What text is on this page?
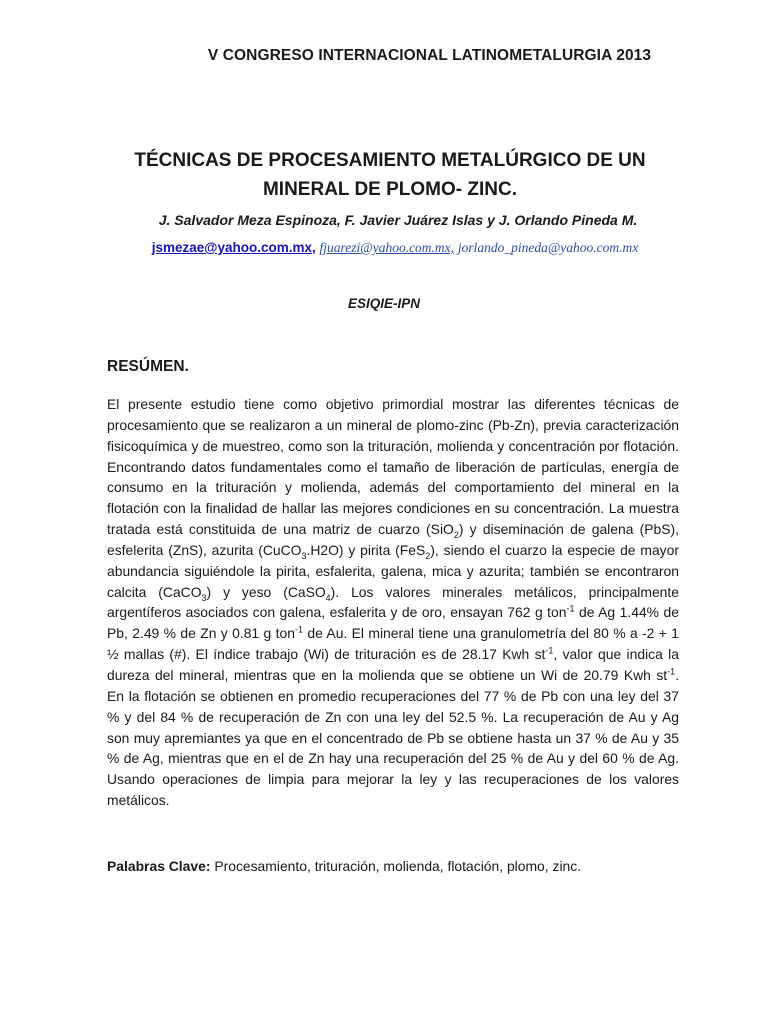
V CONGRESO INTERNACIONAL LATINOMETALURGIA 2013
TÉCNICAS DE PROCESAMIENTO METALÚRGICO DE UN
MINERAL DE PLOMO- ZINC.
J. Salvador Meza Espinoza, F. Javier Juárez Islas y J. Orlando Pineda M.
jsmezae@yahoo.com.mx, fjuarezi@yahoo.com.mx, jorlando_pineda@yahoo.com.mx
ESIQIE-IPN
RESÚMEN.

El presente estudio tiene como objetivo primordial mostrar las diferentes técnicas de procesamiento que se realizaron a un mineral de plomo-zinc (Pb-Zn), previa caracterización fisicoquímica y de muestreo, como son la trituración, molienda y concentración por flotación. Encontrando datos fundamentales como el tamaño de liberación de partículas, energía de consumo en la trituración y molienda, además del comportamiento del mineral en la flotación con la finalidad de hallar las mejores condiciones en su concentración. La muestra tratada está constituida de una matriz de cuarzo (SiO$_2$) y diseminación de galena (PbS), esfelerita (ZnS), azurita (CuCO$_3$.H2O) y pirita (FeS$_2$), siendo el cuarzo la especie de mayor abundancia siguiéndole la pirita, esfalerita, galena, mica y azurita; también se encontraron calcita (CaCO$_3$) y yeso (CaSO$_4$). Los valores minerales metálicos, principalmente argentíferos asociados con galena, esfalerita y de oro, ensayan 762 g ton$^{-1}$ de Ag 1.44% de Pb, 2.49 % de Zn y 0.81 g ton$^{-1}$ de Au. El mineral tiene una granulometría del 80 % a -2 + 1 ½ mallas (#). El índice trabajo (Wi) de trituración es de 28.17 Kwh $st^{-1}$, valor que indica la dureza del mineral, mientras que en la molienda que se obtiene un Wi de 20.79 Kwh $st^{-1}$. En la flotación se obtienen en promedio recuperaciones del 77 % de Pb con una ley del 37 % y del 84 % de recuperación de Zn con una ley del 52.5 %. La recuperación de Au y Ag son muy apremiantes ya que en el concentrado de Pb se obtiene hasta un 37 % de Au y 35 % de Ag, mientras que en el de Zn hay una recuperación del 25 % de Au y del 60 % de Ag. Usando operaciones de limpia para mejorar la ley y las recuperaciones de los valores metálicos.

Palabras Clave: Procesamiento, trituración, molienda, flotación, plomo, zinc.
